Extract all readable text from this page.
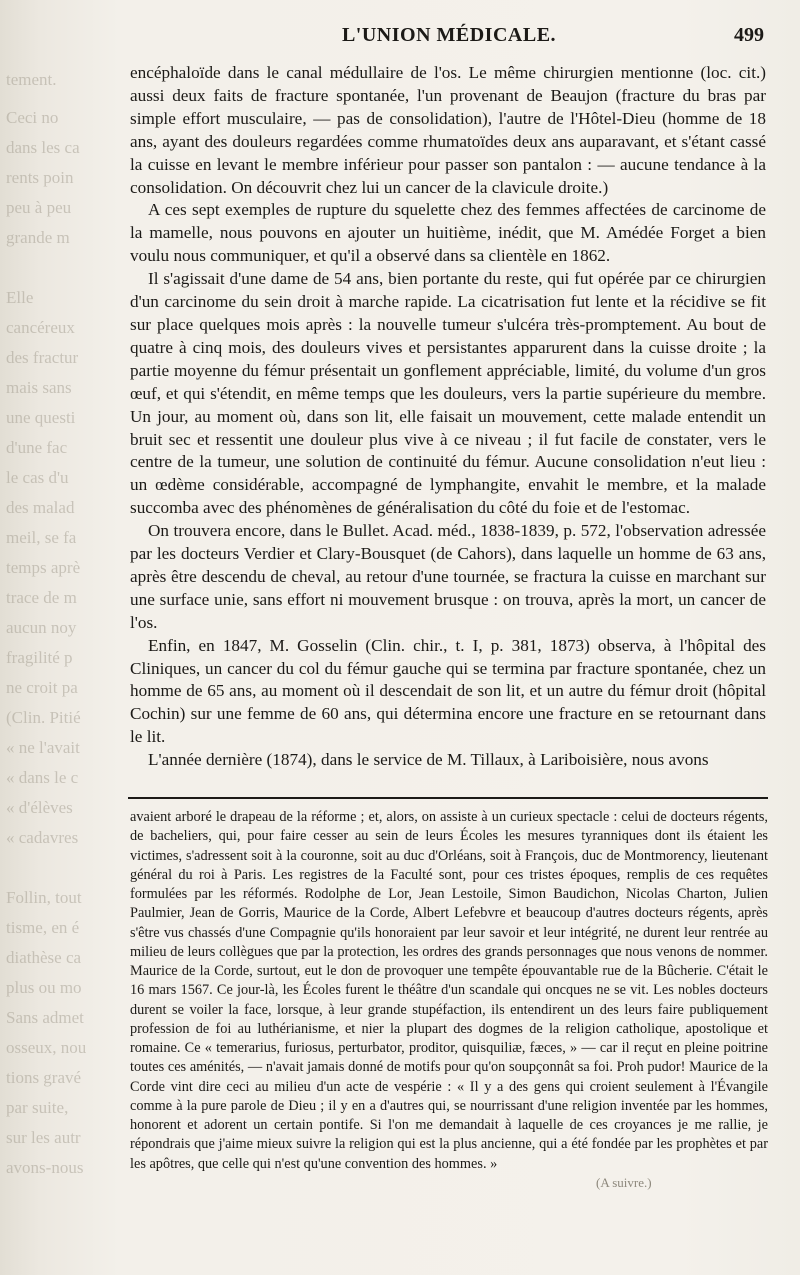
tement.
Ceci no
dans les ca
rents poin
peu à peu
grande m
Elle
cancéreux
des fractur
mais sans
une questi
d'une fac
le cas d'u
des malad
meil, se fa
temps aprè
trace de m
aucun noy
fragilité p
ne croit pa
(Clin. Pitié
« ne l'avait
« dans le c
« d'élèves
« cadavres
Follin, tout
tisme, en é
diathèse ca
plus ou mo
Sans admet
osseux, nou
tions gravé
par suite,
sur les autr
avons-nous
L'UNION MÉDICALE.	499

encéphaloïde dans le canal médullaire de l'os. Le même chirurgien mentionne (loc. cit.) aussi deux faits de fracture spontanée, l'un provenant de Beaujon (fracture du bras par simple effort musculaire, — pas de consolidation), l'autre de l'Hôtel-Dieu (homme de 18 ans, ayant des douleurs regardées comme rhumatoïdes deux ans auparavant, et s'étant cassé la cuisse en levant le membre inférieur pour passer son pantalon : — aucune tendance à la consolidation. On découvrit chez lui un cancer de la clavicule droite.)

A ces sept exemples de rupture du squelette chez des femmes affectées de carcinome de la mamelle, nous pouvons en ajouter un huitième, inédit, que M. Amédée Forget a bien voulu nous communiquer, et qu'il a observé dans sa clientèle en 1862.

Il s'agissait d'une dame de 54 ans, bien portante du reste, qui fut opérée par ce chirurgien d'un carcinome du sein droit à marche rapide. La cicatrisation fut lente et la récidive se fit sur place quelques mois après : la nouvelle tumeur s'ulcéra très-promptement. Au bout de quatre à cinq mois, des douleurs vives et persistantes apparurent dans la cuisse droite ; la partie moyenne du fémur présentait un gonflement appréciable, limité, du volume d'un gros œuf, et qui s'étendit, en même temps que les douleurs, vers la partie supérieure du membre. Un jour, au moment où, dans son lit, elle faisait un mouvement, cette malade entendit un bruit sec et ressentit une douleur plus vive à ce niveau ; il fut facile de constater, vers le centre de la tumeur, une solution de continuité du fémur. Aucune consolidation n'eut lieu : un œdème considérable, accompagné de lymphangite, envahit le membre, et la malade succomba avec des phénomènes de généralisation du côté du foie et de l'estomac.

On trouvera encore, dans le Bullet. Acad. méd., 1838-1839, p. 572, l'observation adressée par les docteurs Verdier et Clary-Bousquet (de Cahors), dans laquelle un homme de 63 ans, après être descendu de cheval, au retour d'une tournée, se fractura la cuisse en marchant sur une surface unie, sans effort ni mouvement brusque : on trouva, après la mort, un cancer de l'os.

Enfin, en 1847, M. Gosselin (Clin. chir., t. I, p. 381, 1873) observa, à l'hôpital des Cliniques, un cancer du col du fémur gauche qui se termina par fracture spontanée, chez un homme de 65 ans, au moment où il descendait de son lit, et un autre du fémur droit (hôpital Cochin) sur une femme de 60 ans, qui détermina encore une fracture en se retournant dans le lit.

L'année dernière (1874), dans le service de M. Tillaux, à Lariboisière, nous avons

avaient arboré le drapeau de la réforme ; et, alors, on assiste à un curieux spectacle : celui de docteurs régents, de bacheliers, qui, pour faire cesser au sein de leurs Écoles les mesures tyranniques dont ils étaient les victimes, s'adressent soit à la couronne, soit au duc d'Orléans, soit à François, duc de Montmorency, lieutenant général du roi à Paris. Les registres de la Faculté sont, pour ces tristes époques, remplis de ces requêtes formulées par les réformés. Rodolphe de Lor, Jean Lestoile, Simon Baudichon, Nicolas Charton, Julien Paulmier, Jean de Gorris, Maurice de la Corde, Albert Lefebvre et beaucoup d'autres docteurs régents, après s'être vus chassés d'une Compagnie qu'ils honoraient par leur savoir et leur intégrité, ne durent leur rentrée au milieu de leurs collègues que par la protection, les ordres des grands personnages que nous venons de nommer. Maurice de la Corde, surtout, eut le don de provoquer une tempête épouvantable rue de la Bûcherie. C'était le 16 mars 1567. Ce jour-là, les Écoles furent le théâtre d'un scandale qui oncques ne se vit. Les nobles docteurs durent se voiler la face, lorsque, à leur grande stupéfaction, ils entendirent un des leurs faire publiquement profession de foi au luthérianisme, et nier la plupart des dogmes de la religion catholique, apostolique et romaine. Ce « temerarius, furiosus, perturbator, proditor, quisquiliæ, fæces, » — car il reçut en pleine poitrine toutes ces aménités, — n'avait jamais donné de motifs pour qu'on soupçonnât sa foi. Proh pudor! Maurice de la Corde vint dire ceci au milieu d'un acte de vespérie : « Il y a des gens qui croient seulement à l'Évangile comme à la pure parole de Dieu ; il y en a d'autres qui, se nourrissant d'une religion inventée par les hommes, honorent et adorent un certain pontife. Si l'on me demandait à laquelle de ces croyances je me rallie, je répondrais que j'aime mieux suivre la religion qui est la plus ancienne, qui a été fondée par les prophètes et par les apôtres, que celle qui n'est qu'une convention des hommes. »

(A suivre.)
